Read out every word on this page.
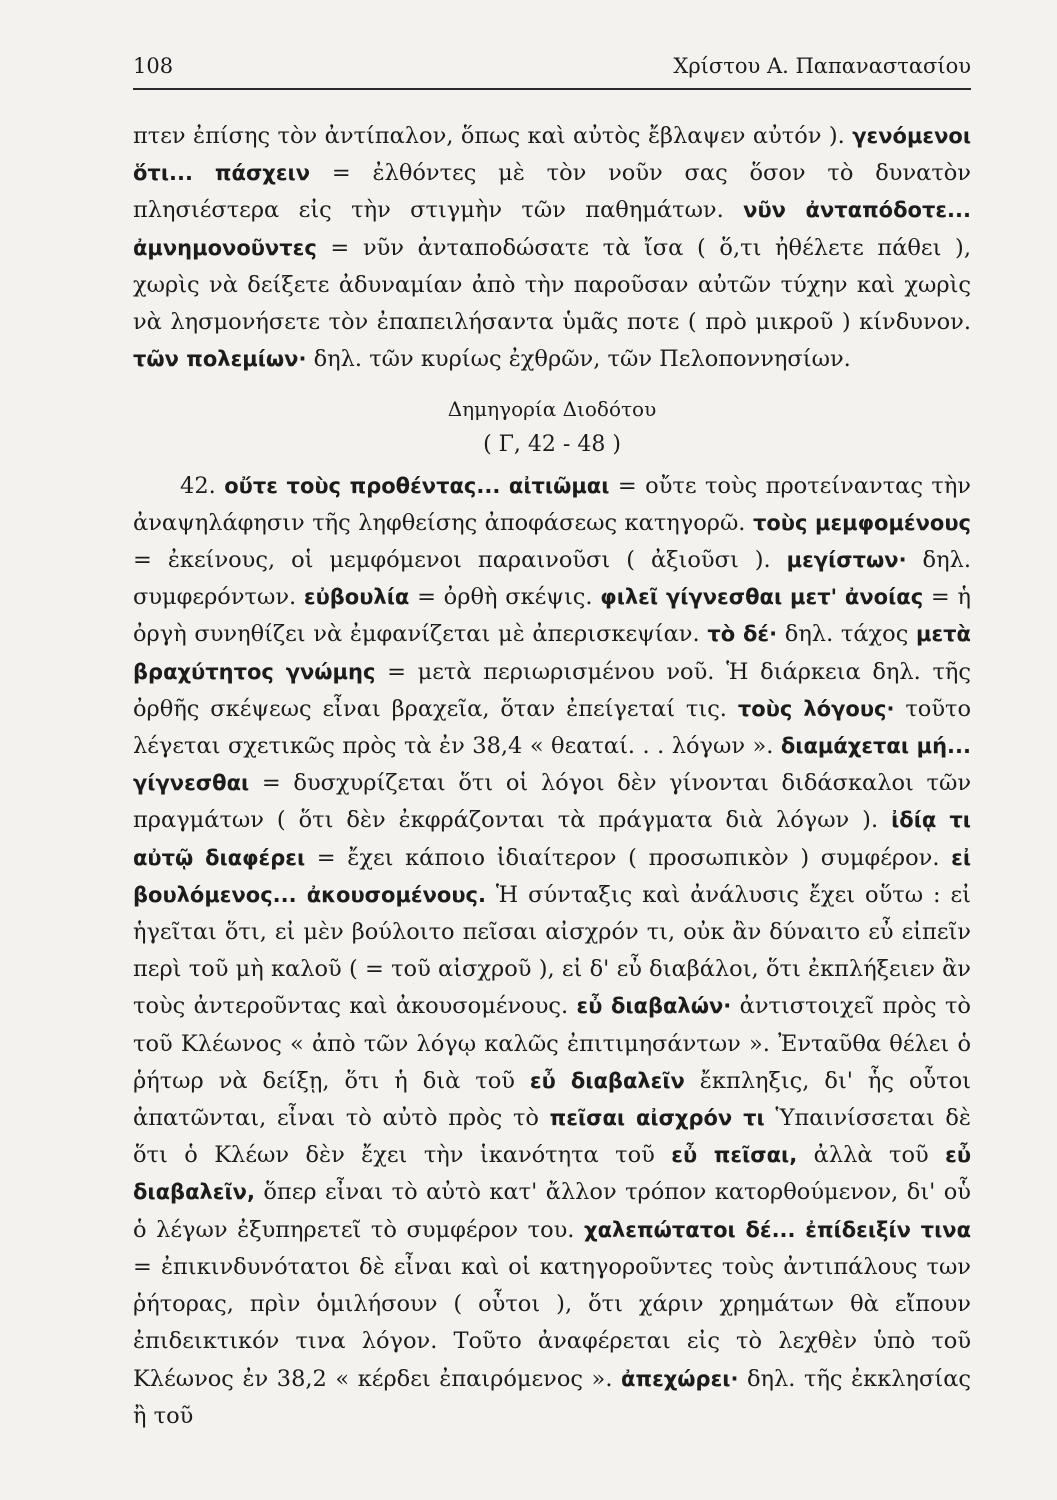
108	Χρίστου Α. Παπαναστασίου

πτεν ἐπίσης τὸν ἀντίπαλον, ὅπως καὶ αὐτὸς ἔβλαψεν αὐτόν ). γενόμενοι ὅτι... πάσχειν = ἐλθόντες μὲ τὸν νοῦν σας ὅσον τὸ δυνατὸν πλησιέστερα εἰς τὴν στιγμὴν τῶν παθημάτων. νῦν ἀνταπόδοτε... ἀμνημονοῦντες = νῦν ἀνταποδώσατε τὰ ἴσα ( ὅ,τι ἠθέλετε πάθει ), χωρὶς νὰ δείξετε ἀδυναμίαν ἀπὸ τὴν παροῦσαν αὐτῶν τύχην καὶ χωρὶς νὰ λησμονήσετε τὸν ἐπαπειλήσαντα ὑμᾶς ποτε ( πρὸ μικροῦ ) κίνδυνον. τῶν πολεμίων· δηλ. τῶν κυρίως ἐχθρῶν, τῶν Πελοποννησίων.

Δημηγορία Διοδότου
( Γ, 42 - 48 )

42. οὔτε τοὺς προθέντας... αἰτιῶμαι = οὔτε τοὺς προτείναντας τὴν ἀναψηλάφησιν τῆς ληφθείσης ἀποφάσεως κατηγορῶ. τοὺς μεμφομένους = ἐκείνους, οἱ μεμφόμενοι παραινοῦσι ( ἀξιοῦσι ). μεγίστων· δηλ. συμφερόντων. εὐβουλία = ὀρθὴ σκέψις. φιλεῖ γίγνεσθαι μετ' ἀνοίας = ἡ ὀργὴ συνηθίζει νὰ ἐμφανίζεται μὲ ἀπερισκεψίαν. τὸ δέ· δηλ. τάχος μετὰ βραχύτητος γνώμης = μετὰ περιωρισμένου νοῦ. Ἡ διάρκεια δηλ. τῆς ὀρθῆς σκέψεως εἶναι βραχεῖα, ὅταν ἐπείγεταί τις. τοὺς λόγους· τοῦτο λέγεται σχετικῶς πρὸς τὰ ἐν 38,4 « θεαταί. . . λόγων ». διαμάχεται μή... γίγνεσθαι = δυσχυρίζεται ὅτι οἱ λόγοι δὲν γίνονται διδάσκαλοι τῶν πραγμάτων ( ὅτι δὲν ἐκφράζονται τὰ πράγματα διὰ λόγων ). ἰδίᾳ τι αὐτῷ διαφέρει = ἔχει κάποιο ἰδιαίτερον ( προσωπικὸν ) συμφέρον. εἰ βουλόμενος... ἀκουσομένους. Ἡ σύνταξις καὶ ἀνάλυσις ἔχει οὕτω : εἰ ἡγεῖται ὅτι, εἰ μὲν βούλοιτο πεῖσαι αἰσχρόν τι, οὐκ ἂν δύναιτο εὖ εἰπεῖν περὶ τοῦ μὴ καλοῦ ( = τοῦ αἰσχροῦ ), εἰ δ' εὖ διαβάλοι, ὅτι ἐκπλήξειεν ἂν τοὺς ἀντεροῦντας καὶ ἀκουσομένους. εὖ διαβαλών· ἀντιστοιχεῖ πρὸς τὸ τοῦ Κλέωνος « ἀπὸ τῶν λόγῳ καλῶς ἐπιτιμησάντων ». Ἐνταῦθα θέλει ὁ ῥήτωρ νὰ δείξῃ, ὅτι ἡ διὰ τοῦ εὖ διαβαλεῖν ἔκπληξις, δι' ἧς οὗτοι ἀπατῶνται, εἶναι τὸ αὐτὸ πρὸς τὸ πεῖσαι αἰσχρόν τι Ὑπαινίσσεται δὲ ὅτι ὁ Κλέων δὲν ἔχει τὴν ἱκανότητα τοῦ εὖ πεῖσαι, ἀλλὰ τοῦ εὖ διαβαλεῖν, ὅπερ εἶναι τὸ αὐτὸ κατ' ἄλλον τρόπον κατορθούμενον, δι' οὗ ὁ λέγων ἐξυπηρετεῖ τὸ συμφέρον του. χαλεπώτατοι δέ... ἐπίδειξίν τινα = ἐπικινδυνότατοι δὲ εἶναι καὶ οἱ κατηγοροῦντες τοὺς ἀντιπάλους των ῥήτορας, πρὶν ὁμιλήσουν ( οὗτοι ), ὅτι χάριν χρημάτων θὰ εἴπουν ἐπιδεικτικόν τινα λόγον. Τοῦτο ἀναφέρεται εἰς τὸ λεχθὲν ὑπὸ τοῦ Κλέωνος ἐν 38,2 « κέρδει ἐπαιρόμενος ». ἀπεχώρει· δηλ. τῆς ἐκκλησίας ἢ τοῦ
